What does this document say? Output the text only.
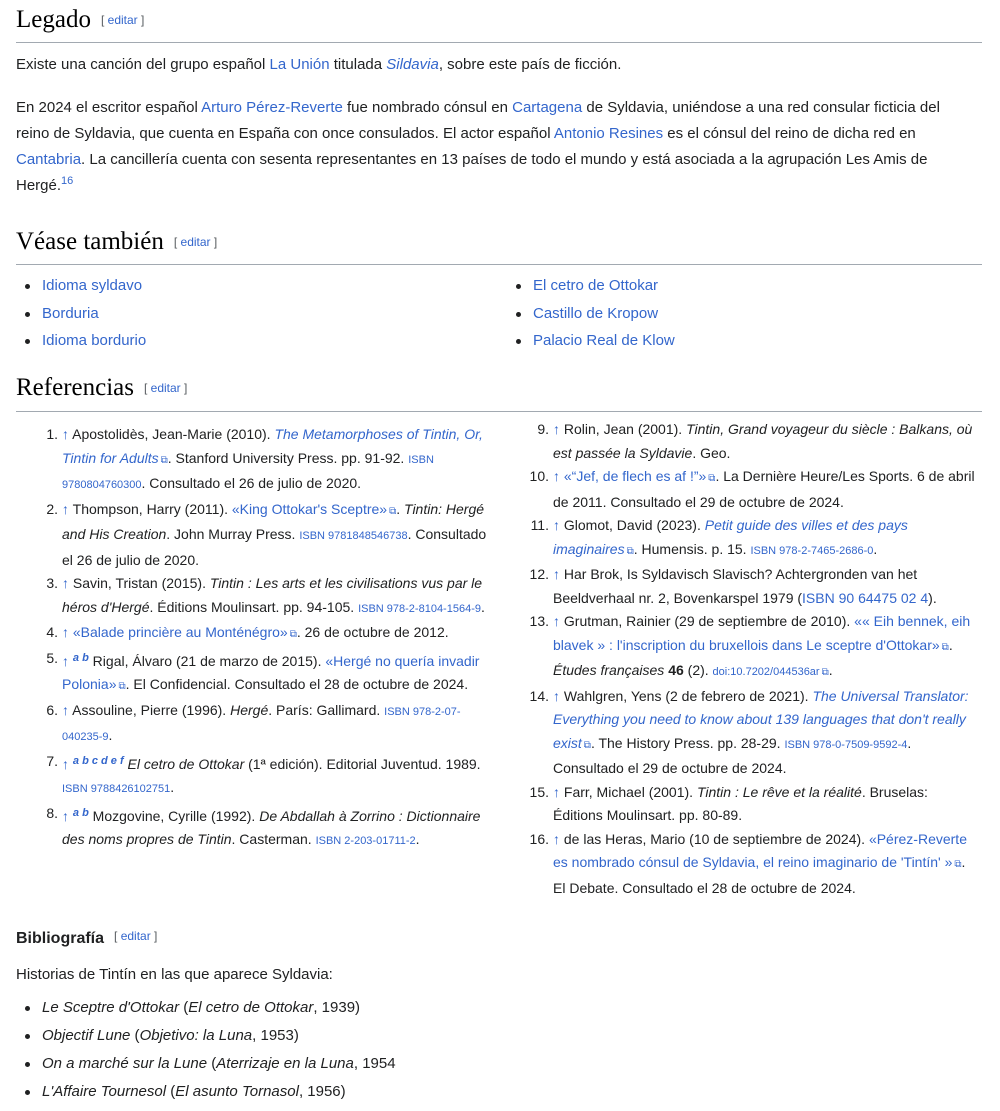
Legado [ editar ]

Existe una canción del grupo español La Unión titulada Sildavia, sobre este país de ficción.

En 2024 el escritor español Arturo Pérez-Reverte fue nombrado cónsul en Cartagena de Syldavia, uniéndose a una red consular ficticia del reino de Syldavia, que cuenta en España con once consulados. El actor español Antonio Resines es el cónsul del reino de dicha red en Cantabria. La cancillería cuenta con sesenta representantes en 13 países de todo el mundo y está asociada a la agrupación Les Amis de Hergé.$^{16}$

Véase también [ editar ]
Idioma syldavo
Borduria
Idioma bordurio
El cetro de Ottokar
Castillo de Kropow
Palacio Real de Klow
Referencias [ editar ]
1. ↑ Apostolidès, Jean-Marie (2010). The Metamorphoses of Tintin, Or, Tintin for Adults ⧉. Stanford University Press. pp. 91-92. ISBN 9780804760300. Consultado el 26 de julio de 2020.
2. ↑ Thompson, Harry (2011). «King Ottokar's Sceptre» ⧉. Tintin: Hergé and His Creation. John Murray Press. ISBN 9781848546738. Consultado el 26 de julio de 2020.
3. ↑ Savin, Tristan (2015). Tintin : Les arts et les civilisations vus par le héros d'Hergé. Éditions Moulinsart. pp. 94-105. ISBN 978-2-8104-1564-9.
4. ↑ «Balade princière au Monténégro» ⧉. 26 de octubre de 2012.
5. ↑ $^{a b}$ Rigal, Álvaro (21 de marzo de 2015). «Hergé no quería invadir Polonia» ⧉. El Confidencial. Consultado el 28 de octubre de 2024.
6. ↑ Assouline, Pierre (1996). Hergé. París: Gallimard. ISBN 978-2-07-040235-9.
7. ↑ $^{a b c d e f}$ El cetro de Ottokar (1ª edición). Editorial Juventud. 1989. ISBN 9788426102751.
8. ↑ $^{a b}$ Mozgovine, Cyrille (1992). De Abdallah à Zorrino : Dictionnaire des noms propres de Tintin. Casterman. ISBN 2-203-01711-2.
9. ↑ Rolin, Jean (2001). Tintin, Grand voyageur du siècle : Balkans, où est passée la Syldavie. Geo.
10. ↑ «“Jef, de flech es af !”» ⧉. La Dernière Heure/Les Sports. 6 de abril de 2011. Consultado el 29 de octubre de 2024.
11. ↑ Glomot, David (2023). Petit guide des villes et des pays imaginaires ⧉. Humensis. p. 15. ISBN 978-2-7465-2686-0.
12. ↑ Har Brok, Is Syldavisch Slavisch? Achtergronden van het Beeldverhaal nr. 2, Bovenkarspel 1979 (ISBN 90 64475 02 4).
13. ↑ Grutman, Rainier (29 de septiembre de 2010). «« Eih bennek, eih blavek » : l'inscription du bruxellois dans Le sceptre d'Ottokar» ⧉. Études françaises 46 (2). doi:10.7202/044536ar ⧉.
14. ↑ Wahlgren, Yens (2 de febrero de 2021). The Universal Translator: Everything you need to know about 139 languages that don't really exist ⧉. The History Press. pp. 28-29. ISBN 978-0-7509-9592-4. Consultado el 29 de octubre de 2024.
15. ↑ Farr, Michael (2001). Tintin : Le rêve et la réalité. Bruselas: Éditions Moulinsart. pp. 80-89.
16. ↑ de las Heras, Mario (10 de septiembre de 2024). «Pérez-Reverte es nombrado cónsul de Syldavia, el reino imaginario de 'Tintín' » ⧉. El Debate. Consultado el 28 de octubre de 2024.
Bibliografía [ editar ]

Historias de Tintín en las que aparece Syldavia:

Le Sceptre d'Ottokar (El cetro de Ottokar, 1939)
Objectif Lune (Objetivo: la Luna, 1953)
On a marché sur la Lune (Aterrizaje en la Luna, 1954
L'Affaire Tournesol (El asunto Tornasol, 1956)
